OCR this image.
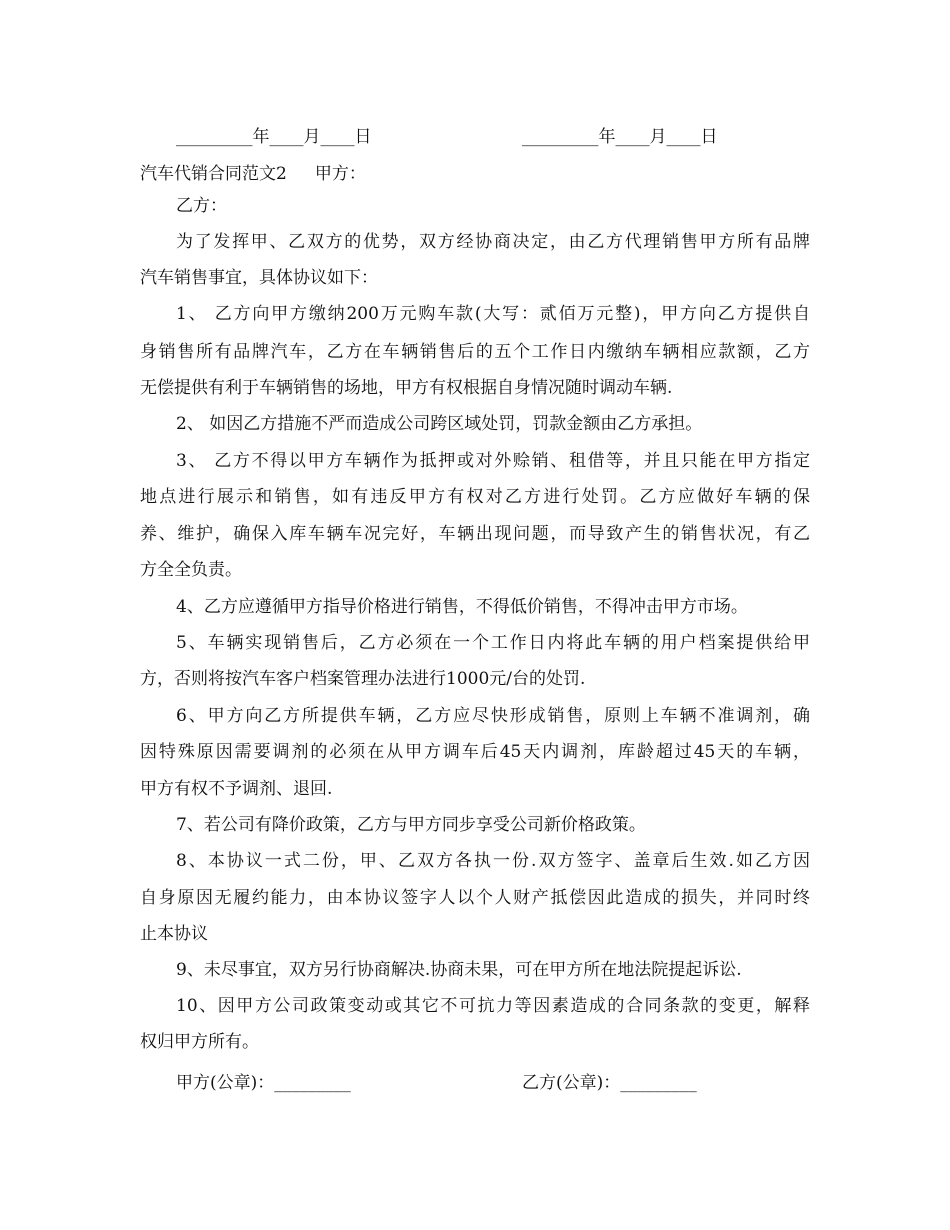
_________年____月____日	_________年____月____日
汽车代销合同范文2 甲方：
乙方：
为了发挥甲、乙双方的优势，双方经协商决定，由乙方代理销售甲方所有品牌
汽车销售事宜，具体协议如下：
1、 乙方向甲方缴纳200万元购车款(大写：贰佰万元整)，甲方向乙方提供自
身销售所有品牌汽车，乙方在车辆销售后的五个工作日内缴纳车辆相应款额，乙方
无偿提供有利于车辆销售的场地，甲方有权根据自身情况随时调动车辆.
2、 如因乙方措施不严而造成公司跨区域处罚，罚款金额由乙方承担。
3、 乙方不得以甲方车辆作为抵押或对外赊销、租借等，并且只能在甲方指定
地点进行展示和销售，如有违反甲方有权对乙方进行处罚。乙方应做好车辆的保
养、维护，确保入库车辆车况完好，车辆出现问题，而导致产生的销售状况，有乙
方全全负责。
4、乙方应遵循甲方指导价格进行销售，不得低价销售，不得冲击甲方市场。
5、车辆实现销售后，乙方必须在一个工作日内将此车辆的用户档案提供给甲
方，否则将按汽车客户档案管理办法进行1000元/台的处罚.
6、甲方向乙方所提供车辆，乙方应尽快形成销售，原则上车辆不准调剂，确
因特殊原因需要调剂的必须在从甲方调车后45天内调剂，库龄超过45天的车辆，
甲方有权不予调剂、退回.
7、若公司有降价政策，乙方与甲方同步享受公司新价格政策。
8、本协议一式二份，甲、乙双方各执一份.双方签字、盖章后生效.如乙方因
自身原因无履约能力，由本协议签字人以个人财产抵偿因此造成的损失，并同时终
止本协议
9、未尽事宜，双方另行协商解决.协商未果，可在甲方所在地法院提起诉讼.
10、因甲方公司政策变动或其它不可抗力等因素造成的合同条款的变更，解释
权归甲方所有。
甲方(公章)：_________	乙方(公章)：_________
